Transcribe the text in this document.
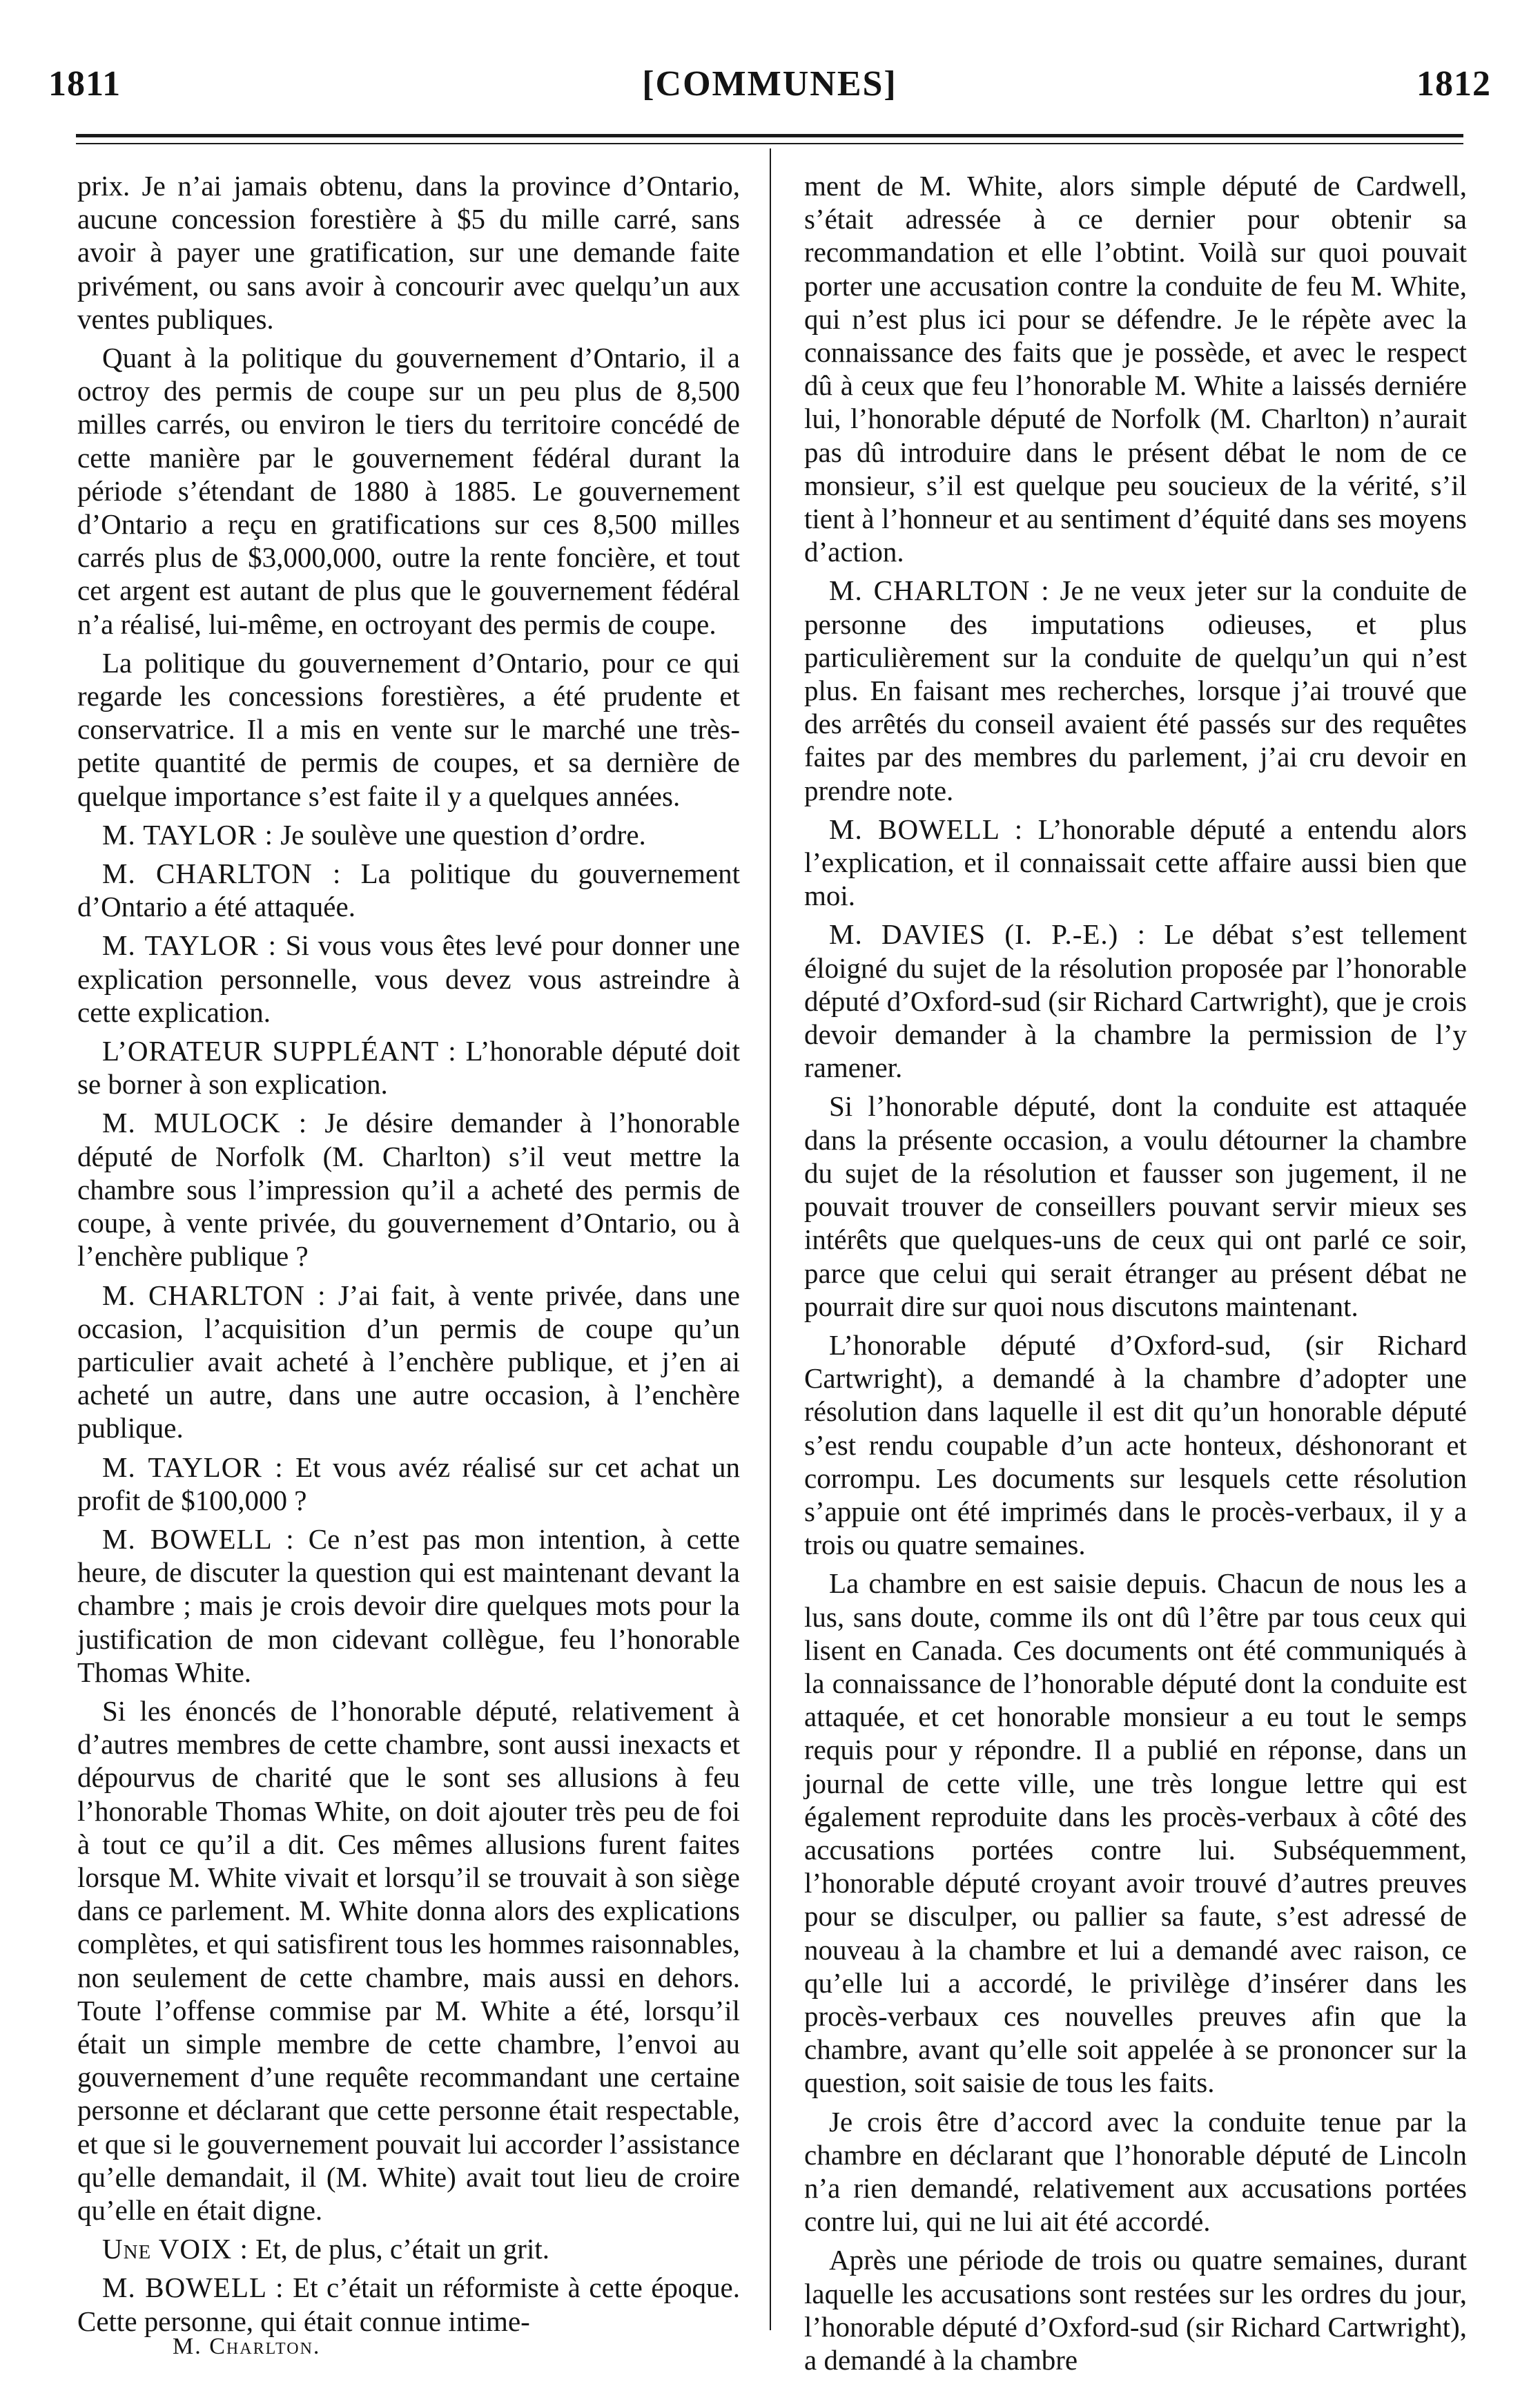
1811	[COMMUNES]	1812

prix. Je n’ai jamais obtenu, dans la province d’Ontario, aucune concession forestière à $5 du mille carré, sans avoir à payer une gratification, sur une demande faite privément, ou sans avoir à concourir avec quelqu’un aux ventes publiques.

Quant à la politique du gouvernement d’Ontario, il a octroy des permis de coupe sur un peu plus de 8,500 milles carrés, ou environ le tiers du territoire concédé de cette manière par le gouvernement fédéral durant la période s’étendant de 1880 à 1885. Le gouvernement d’Ontario a reçu en gratifications sur ces 8,500 milles carrés plus de $3,000,000, outre la rente foncière, et tout cet argent est autant de plus que le gouvernement fédéral n’a réalisé, lui-même, en octroyant des permis de coupe.

La politique du gouvernement d’Ontario, pour ce qui regarde les concessions forestières, a été prudente et conservatrice. Il a mis en vente sur le marché une très-petite quantité de permis de coupes, et sa dernière de quelque importance s’est faite il y a quelques années.

M. TAYLOR : Je soulève une question d’ordre.

M. CHARLTON : La politique du gouvernement d’Ontario a été attaquée.

M. TAYLOR : Si vous vous êtes levé pour donner une explication personnelle, vous devez vous astreindre à cette explication.

L’ORATEUR SUPPLÉANT : L’honorable député doit se borner à son explication.

M. MULOCK : Je désire demander à l’honorable député de Norfolk (M. Charlton) s’il veut mettre la chambre sous l’impression qu’il a acheté des permis de coupe, à vente privée, du gouvernement d’Ontario, ou à l’enchère publique ?

M. CHARLTON : J’ai fait, à vente privée, dans une occasion, l’acquisition d’un permis de coupe qu’un particulier avait acheté à l’enchère publique, et j’en ai acheté un autre, dans une autre occasion, à l’enchère publique.

M. TAYLOR : Et vous avéz réalisé sur cet achat un profit de $100,000 ?

M. BOWELL : Ce n’est pas mon intention, à cette heure, de discuter la question qui est maintenant devant la chambre ; mais je crois devoir dire quelques mots pour la justification de mon cidevant collègue, feu l’honorable Thomas White.

Si les énoncés de l’honorable député, relativement à d’autres membres de cette chambre, sont aussi inexacts et dépourvus de charité que le sont ses allusions à feu l’honorable Thomas White, on doit ajouter très peu de foi à tout ce qu’il a dit. Ces mêmes allusions furent faites lorsque M. White vivait et lorsqu’il se trouvait à son siège dans ce parlement. M. White donna alors des explications complètes, et qui satisfirent tous les hommes raisonnables, non seulement de cette chambre, mais aussi en dehors. Toute l’offense commise par M. White a été, lorsqu’il était un simple membre de cette chambre, l’envoi au gouvernement d’une requête recommandant une certaine personne et déclarant que cette personne était respectable, et que si le gouvernement pouvait lui accorder l’assistance qu’elle demandait, il (M. White) avait tout lieu de croire qu’elle en était digne.

Une VOIX : Et, de plus, c’était un grit.

M. BOWELL : Et c’était un réformiste à cette époque. Cette personne, qui était connue intime-

ment de M. White, alors simple député de Cardwell, s’était adressée à ce dernier pour obtenir sa recommandation et elle l’obtint. Voilà sur quoi pouvait porter une accusation contre la conduite de feu M. White, qui n’est plus ici pour se défendre. Je le répète avec la connaissance des faits que je possède, et avec le respect dû à ceux que feu l’honorable M. White a laissés derniére lui, l’honorable député de Norfolk (M. Charlton) n’aurait pas dû introduire dans le présent débat le nom de ce monsieur, s’il est quelque peu soucieux de la vérité, s’il tient à l’honneur et au sentiment d’équité dans ses moyens d’action.

M. CHARLTON : Je ne veux jeter sur la conduite de personne des imputations odieuses, et plus particulièrement sur la conduite de quelqu’un qui n’est plus. En faisant mes recherches, lorsque j’ai trouvé que des arrêtés du conseil avaient été passés sur des requêtes faites par des membres du parlement, j’ai cru devoir en prendre note.

M. BOWELL : L’honorable député a entendu alors l’explication, et il connaissait cette affaire aussi bien que moi.

M. DAVIES (I. P.-E.) : Le débat s’est tellement éloigné du sujet de la résolution proposée par l’honorable député d’Oxford-sud (sir Richard Cartwright), que je crois devoir demander à la chambre la permission de l’y ramener.

Si l’honorable député, dont la conduite est attaquée dans la présente occasion, a voulu détourner la chambre du sujet de la résolution et fausser son jugement, il ne pouvait trouver de conseillers pouvant servir mieux ses intérêts que quelques-uns de ceux qui ont parlé ce soir, parce que celui qui serait étranger au présent débat ne pourrait dire sur quoi nous discutons maintenant.

L’honorable député d’Oxford-sud, (sir Richard Cartwright), a demandé à la chambre d’adopter une résolution dans laquelle il est dit qu’un honorable député s’est rendu coupable d’un acte honteux, déshonorant et corrompu. Les documents sur lesquels cette résolution s’appuie ont été imprimés dans le procès-verbaux, il y a trois ou quatre semaines.

La chambre en est saisie depuis. Chacun de nous les a lus, sans doute, comme ils ont dû l’être par tous ceux qui lisent en Canada. Ces documents ont été communiqués à la connaissance de l’honorable député dont la conduite est attaquée, et cet honorable monsieur a eu tout le semps requis pour y répondre. Il a publié en réponse, dans un journal de cette ville, une très longue lettre qui est également reproduite dans les procès-verbaux à côté des accusations portées contre lui. Subséquemment, l’honorable député croyant avoir trouvé d’autres preuves pour se disculper, ou pallier sa faute, s’est adressé de nouveau à la chambre et lui a demandé avec raison, ce qu’elle lui a accordé, le privilège d’insérer dans les procès-verbaux ces nouvelles preuves afin que la chambre, avant qu’elle soit appelée à se prononcer sur la question, soit saisie de tous les faits.

Je crois être d’accord avec la conduite tenue par la chambre en déclarant que l’honorable député de Lincoln n’a rien demandé, relativement aux accusations portées contre lui, qui ne lui ait été accordé.

Après une période de trois ou quatre semaines, durant laquelle les accusations sont restées sur les ordres du jour, l’honorable député d’Oxford-sud (sir Richard Cartwright), a demandé à la chambre

M. Charlton.
